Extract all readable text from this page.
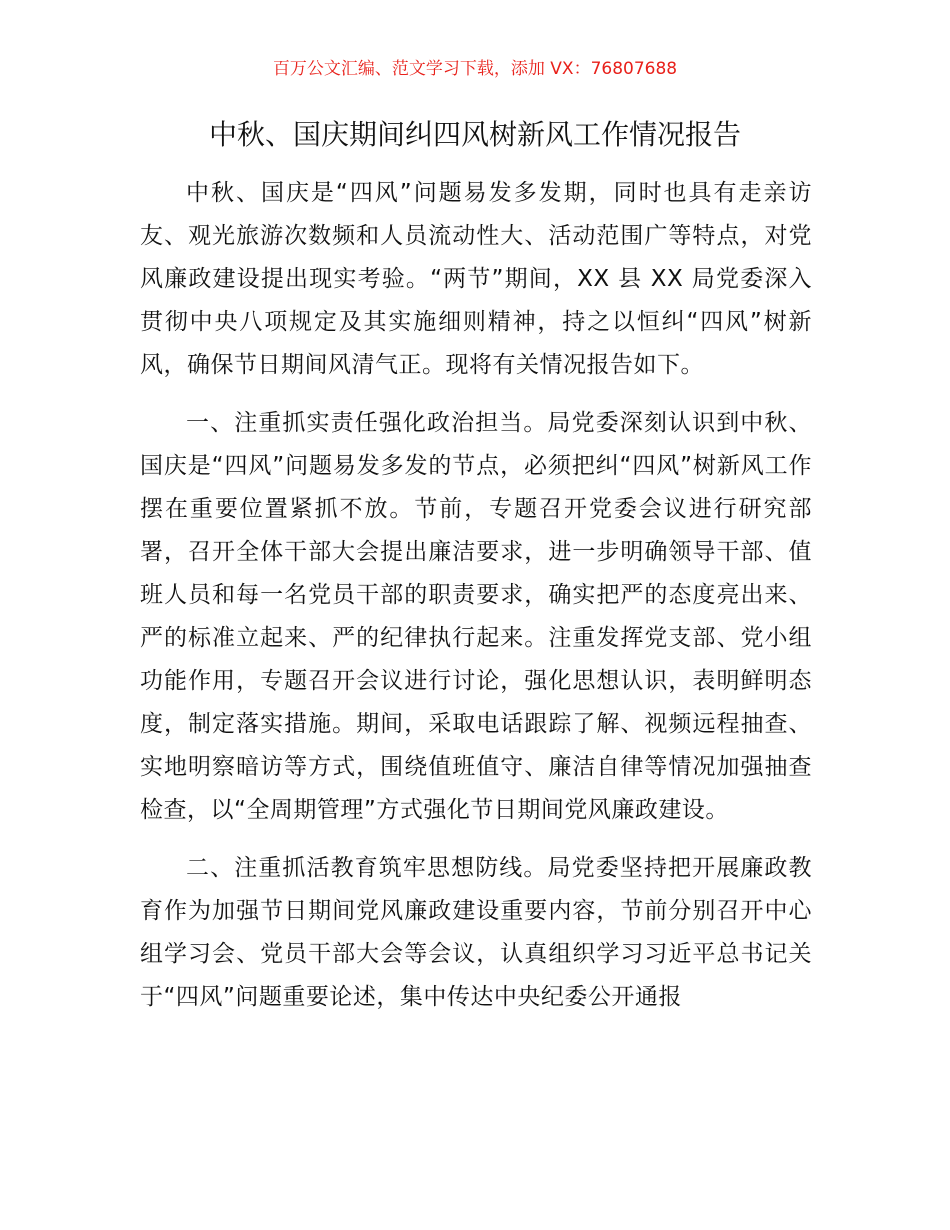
百万公文汇编、范文学习下载，添加 VX：76807688
中秋、国庆期间纠四风树新风工作情况报告

中秋、国庆是“四风”问题易发多发期，同时也具有走亲访友、观光旅游次数频和人员流动性大、活动范围广等特点，对党风廉政建设提出现实考验。“两节”期间，XX 县 XX 局党委深入贯彻中央八项规定及其实施细则精神，持之以恒纠“四风”树新风，确保节日期间风清气正。现将有关情况报告如下。

一、注重抓实责任强化政治担当。局党委深刻认识到中秋、国庆是“四风”问题易发多发的节点，必须把纠“四风”树新风工作摆在重要位置紧抓不放。节前，专题召开党委会议进行研究部署，召开全体干部大会提出廉洁要求，进一步明确领导干部、值班人员和每一名党员干部的职责要求，确实把严的态度亮出来、严的标准立起来、严的纪律执行起来。注重发挥党支部、党小组功能作用，专题召开会议进行讨论，强化思想认识，表明鲜明态度，制定落实措施。期间，采取电话跟踪了解、视频远程抽查、实地明察暗访等方式，围绕值班值守、廉洁自律等情况加强抽查检查，以“全周期管理”方式强化节日期间党风廉政建设。

二、注重抓活教育筑牢思想防线。局党委坚持把开展廉政教育作为加强节日期间党风廉政建设重要内容，节前分别召开中心组学习会、党员干部大会等会议，认真组织学习习近平总书记关于“四风”问题重要论述，集中传达中央纪委公开通报
